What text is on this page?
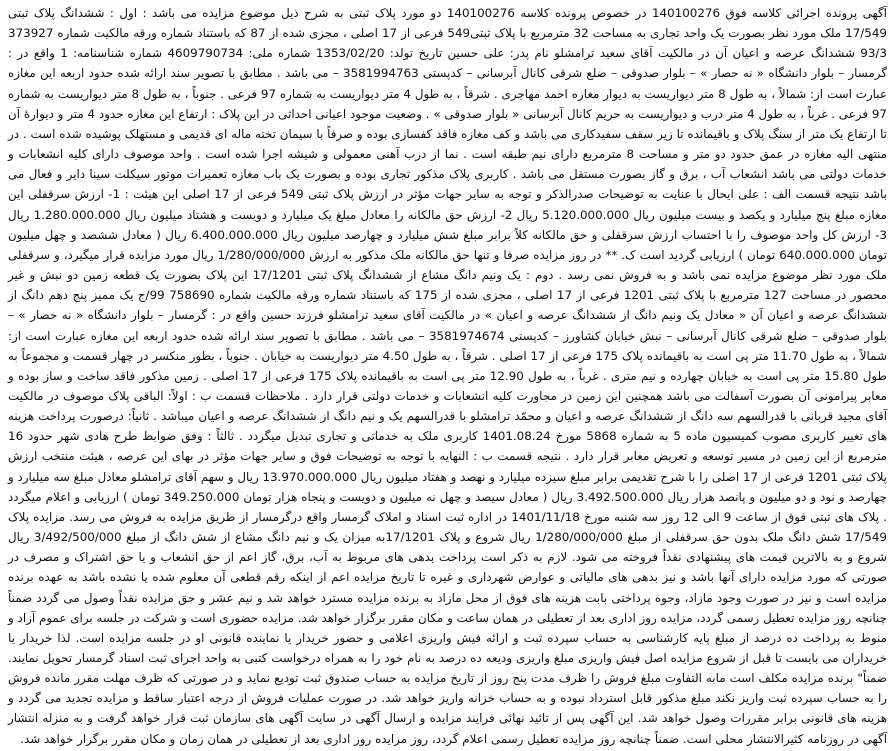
آگهی پرونده اجرائی کلاسه فوق 140100276 در خصوص پرونده کلاسه 140100276 دو مورد پلاک ثبتی به شرح ذیل موضوع مزایده می باشد : اول : ششدانگ پلاک ثبتی 17/549 ملک مورد نظر بصورت یک واحد تجاری به مساحت 32 مترمربع با پلاک ثبتی549 فرعی از 17 اصلی ، مجزی شده از 87 که باستناد شماره ورقه مالکیت شماره 373927 93/3 ششدانگ عرصه و اعیان آن در مالکیت آقای سعید ترامشلو نام پدر: علی حسین تاریخ تولد: 1353/02/20 شماره ملی: 4609790734 شماره شناسنامه: 1 واقع در : گرمسار – بلوار دانشگاه « نه حصار » – بلوار صدوقی – ضلع شرقی کانال آبرسانی – کدپستی 3581994763 – می باشد . مطابق با تصویر سند ارائه شده حدود اربعه این مغازه عبارت است از: شمالاً ، به طول 8 متر دیواریست به دیوار مغازه احمد مهاجری . شرقاً ، به طول 4 متر دیواریست به شماره 97 فرعی . جنوباً ، به طول 8 متر دیواریست به شماره 97 فرعی . غرباً ، به طول 4 متر درب و دیواریست به حریم کانال آبرسانی « بلوار صدوقی » . وضعیت موجود اعیانی احداثی در این پلاک : ارتفاع این مغازه حدود 4 متر و دیوارۀ آن تا ارتفاع یک متر از سنگ پلاک و باقیمانده تا زیر سقف سفیدکاری می باشد و کف مغازه فاقد کفسازی بوده و صرفاً با سیمان تخته ماله ای قدیمی و مستهلک پوشیده شده است . در منتهی الیه مغازه در عمق حدود دو متر و مساحت 8 مترمربع دارای نیم طبقه است . نما از درب آهنی معمولی و شیشه اجرا شده است . واحد موصوف دارای کلیه انشعابات و خدمات دولتی می باشد انشعاب آب ، برق و گاز بصورت مستقل می باشد . کاربری پلاک مذکور تجاری بوده و بصورت یک باب مغازه تعمیرات موتور سیکلت سینا دایر و فعال می باشد نتیجه قسمت الف : علی ایحال با عنایت به توضیحات صدرالذکر و توجه به سایر جهات مؤثر در ارزش پلاک ثبتی 549 فرعی از 17 اصلی این هیئت : 1- ارزش سرقفلی این مغازه مبلغ پنج میلیارد و یکصد و بیست میلیون ریال 5.120.000.000 ریال 2- ارزش حق مالکانه را معادل مبلغ یک میلیارد و دویست و هشتاد میلیون ریال 1.280.000.000 ریال 3- ارزش کل واحد موصوف را با احتساب ارزش سرقفلی و حق مالکانه کلاً برابر مبلغ شش میلیارد و چهارصد میلیون ریال 6.400.000.000 ریال ( معادل ششصد و چهل میلیون تومان 640.000.000 تومان ) ارزیابی گردید است ک. ** در روز مزایده صرفا و تنها حق مالکانه ملک مذکور به ارزش 1/280/000/000 ریال مورد مزایده قرار میگیرد، و سرقفلی ملک مورد نظر موضوع مزایده نمی باشد و به فروش نمی رسد . دوم : یک ونیم دانگ مشاع از ششدانگ پلاک ثبتی 17/1201 این پلاک بصورت یک قطعه زمین دو نبش و غیر محصور در مساحت 127 مترمربع با پلاک ثبتی 1201 فرعی از 17 اصلی ، مجزی شده از 175 که باستناد شماره ورقه مالکیت شماره 758690 99/ج یک ممیز پنج دهم دانگ از ششدانگ عرصه و اعیان آن « معادل یک ونیم دانگ از ششدانگ عرصه و اعیان » در مالکیت آقای سعید ترامشلو فرزند حسین واقع در : گرمسار – بلوار دانشگاه « نه حصار » – بلوار صدوقی – ضلع شرقی کانال آبرسانی – نبش خیابان کشاورز – کدپستی 3581974674 – می باشد . مطابق با تصویر سند ارائه شده حدود اربعه این مغازه عبارت است از: شمالاً ، به طول 11.70 متر پی است به باقیمانده پلاک 175 فرعی از 17 اصلی . شرقاً ، به طول 4.50 متر دیواریست به خیابان . جنوباً ، بطور منکسر در چهار قسمت و مجموعاً به طول 15.80 متر پی است به خیابان چهارده و نیم متری . غرباً ، به طول 12.90 متر پی است به باقیمانده پلاک 175 فرعی از 17 اصلی . زمین مذکور فاقد ساخت و ساز بوده و معابر پیرامونی آن بصورت آسفالت می باشد همچنین این زمین در مجاورت کلیه انشعابات و خدمات دولتی قرار دارد . ملاحظات قسمت ب : اولاً: الباقی پلاک موصوف در مالکیت آقای مجید قربانی با قدرالسهم سه دانگ از ششدانگ عرصه و اعیان و محمّد ترامشلو با قدرالسهم یک و نیم دانگ از ششدانگ عرصه و اعیان میباشد . ثانیاً: درصورت پرداخت هزینه های تغییر کاربری مصوب کمیسیون ماده 5 به شماره 5868 مورخ 1401.08.24 کاربری ملک به خدماتی و تجاری تبدیل میگردد . ثالثاً : وفق ضوابط طرح هادی شهر حدود 16 مترمربع از این زمین در مسیر توسعه و تعریض معابر قرار دارد . نتیجه قسمت ب : النهایه با توجه به توضیحات فوق و سایر جهات مؤثر در بهای این عرصه ، هیئت منتخب ارزش پلاک ثبتی 1201 فرعی از 17 اصلی را با شرح تقدیمی برابر مبلغ سیزده میلیارد و نهصد و هفتاد میلیون ریال 13.970.000.000 ریال و سهم آقای ترامشلو معادل مبلغ سه میلیارد و چهارصد و نود و دو میلیون و پانصد هزار ریال 3.492.500.000 ریال ( معادل سیصد و چهل نه میلیون و دویست و پنجاه هزار تومان 349.250.000 تومان ) ارزیابی و اعلام میگردد . پلاک های ثبتی فوق از ساعت 9 الی 12 روز سه شنبه مورخ 1401/11/18 در اداره ثبت اسناد و املاک گرمسار واقع درگرمسار از طریق مزایده به فروش می رسد. مزایده پلاک 17/549 شش دانگ ملک بدون حق سرقفلی از مبلغ 1/280/000/000 ریال شروع و پلاک 17/1201به میزان یک و نیم دانگ مشاع از شش دانگ از مبلغ 3/492/500/000 ریال شروع و به بالاترین قیمت های پیشنهادی نقداً فروخته می شود. لازم به ذکر است پرداخت بدهی های مربوط به آب، برق، گاز اعم از حق انشعاب و یا حق اشتراک و مصرف در صورتی که مورد مزایده دارای آنها باشد و نیز بدهی های مالیاتی و عوارض شهرداری و غیره تا تاریخ مزایده اعم از اینکه رقم قطعی آن معلوم شده یا نشده باشد به عهده برنده مزایده است و نیز در صورت وجود مازاد، وجوه پرداختی بابت هزینه های فوق از محل مازاد به برنده مزایده مسترد خواهد شد و نیم عشر و حق مزایده نقداً وصول می گردد ضمناً چنانچه روز مزایده تعطیل رسمی گردد، مزایده روز اداری بعد از تعطیلی در همان ساعت و مکان مقرر برگزار خواهد شد. مزایده حضوری است و شرکت در جلسه برای عموم آزاد و منوط به پرداخت ده درصد از مبلغ پایه کارشناسی به حساب سپرده ثبت و ارائه فیش واریزی اعلامی و حضور خریدار یا نماینده قانونی او در جلسه مزایده است. لذا خریدار یا خریداران می بایست تا قبل از شروع مزایده اصل فیش واریزی مبلغ واریزی ودیعه ده درصد به نام خود را به همراه درخواست کتبی به واحد اجرای ثبت اسناد گرمسار تحویل نمایند. ضمناً" برنده مزایده مکلف است مابه التفاوت مبلغ فروش را ظرف مدت پنج روز از تاریخ مزایده به حساب صندوق ثبت تودیع نماید و در صورتی که ظرف مهلت مقرر مانده فروش را به حساب سپرده ثبت واریز نکند مبلغ مذکور قابل استرداد نبوده و به حساب خزانه واریز خواهد شد. در صورت عملیات فروش از درجه اعتبار ساقط و مزایده تجدید می گردد و هزینه های قانونی برابر مقررات وصول خواهد شد. این آگهی پس از تائید نهائی فرایند مزایده و ارسال آگهی در سایت آگهی های سازمان ثبت قرار خواهد گرفت و به منزله انتشار آگهی در روزنامه کثیرالانتشار محلی است. ضمناً چنانچه روز مزایده تعطیل رسمی اعلام گردد، روز مزایده روز اداری بعد از تعطیلی در همان زمان و مکان مقرر برگزار خواهد شد.
